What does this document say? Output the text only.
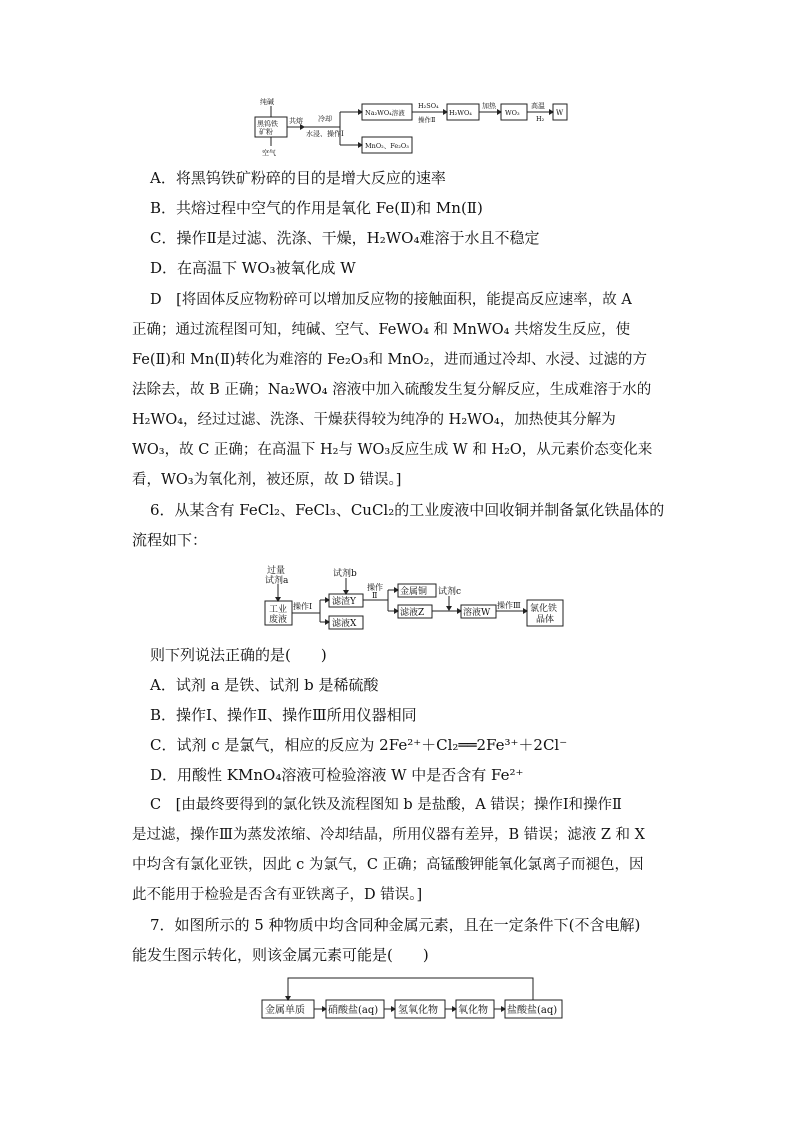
纯碱
黑钨铁
矿粉
空气
共熔 冷却
水浸、操作Ⅰ
Na₂WO₄溶液
MnO₂、Fe₂O₃
H₂SO₄
操作Ⅱ
H₂WO₄
加热
WO₃
高温
H₂
W
A．将黑钨铁矿粉碎的目的是增大反应的速率
B．共熔过程中空气的作用是氧化 Fe(Ⅱ)和 Mn(Ⅱ)
C．操作Ⅱ是过滤、洗涤、干燥，H₂WO₄难溶于水且不稳定
D．在高温下 WO₃被氧化成 W
D　[将固体反应物粉碎可以增加反应物的接触面积，能提高反应速率，故 A
正确；通过流程图可知，纯碱、空气、FeWO₄ 和 MnWO₄ 共熔发生反应，使
Fe(Ⅱ)和 Mn(Ⅱ)转化为难溶的 Fe₂O₃和 MnO₂，进而通过冷却、水浸、过滤的方
法除去，故 B 正确；Na₂WO₄ 溶液中加入硫酸发生复分解反应，生成难溶于水的
H₂WO₄，经过过滤、洗涤、干燥获得较为纯净的 H₂WO₄，加热使其分解为
WO₃，故 C 正确；在高温下 H₂与 WO₃反应生成 W 和 H₂O，从元素价态变化来
看，WO₃为氧化剂，被还原，故 D 错误。]
6．从某含有 FeCl₂、FeCl₃、CuCl₂的工业废液中回收铜并制备氯化铁晶体的
流程如下：
过量
试剂a
工业
废液
操作Ⅰ
试剂b
滤渣Y
滤液X
操作
Ⅱ	金属铜
滤液Z
试剂c
溶液W
操作Ⅲ 氯化铁
晶体
则下列说法正确的是(　　)
A．试剂 a 是铁、试剂 b 是稀硫酸
B．操作Ⅰ、操作Ⅱ、操作Ⅲ所用仪器相同
C．试剂 c 是氯气，相应的反应为 2Fe²⁺＋Cl₂══2Fe³⁺＋2Cl⁻
D．用酸性 KMnO₄溶液可检验溶液 W 中是否含有 Fe²⁺
C　[由最终要得到的氯化铁及流程图知 b 是盐酸，A 错误；操作Ⅰ和操作Ⅱ
是过滤，操作Ⅲ为蒸发浓缩、冷却结晶，所用仪器有差异，B 错误；滤液 Z 和 X
中均含有氯化亚铁，因此 c 为氯气，C 正确；高锰酸钾能氧化氯离子而褪色，因
此不能用于检验是否含有亚铁离子，D 错误。]
7．如图所示的 5 种物质中均含同种金属元素，且在一定条件下(不含电解)
能发生图示转化，则该金属元素可能是(　　)
金属单质 硝酸盐(aq) 氢氧化物 氧化物 盐酸盐(aq)
